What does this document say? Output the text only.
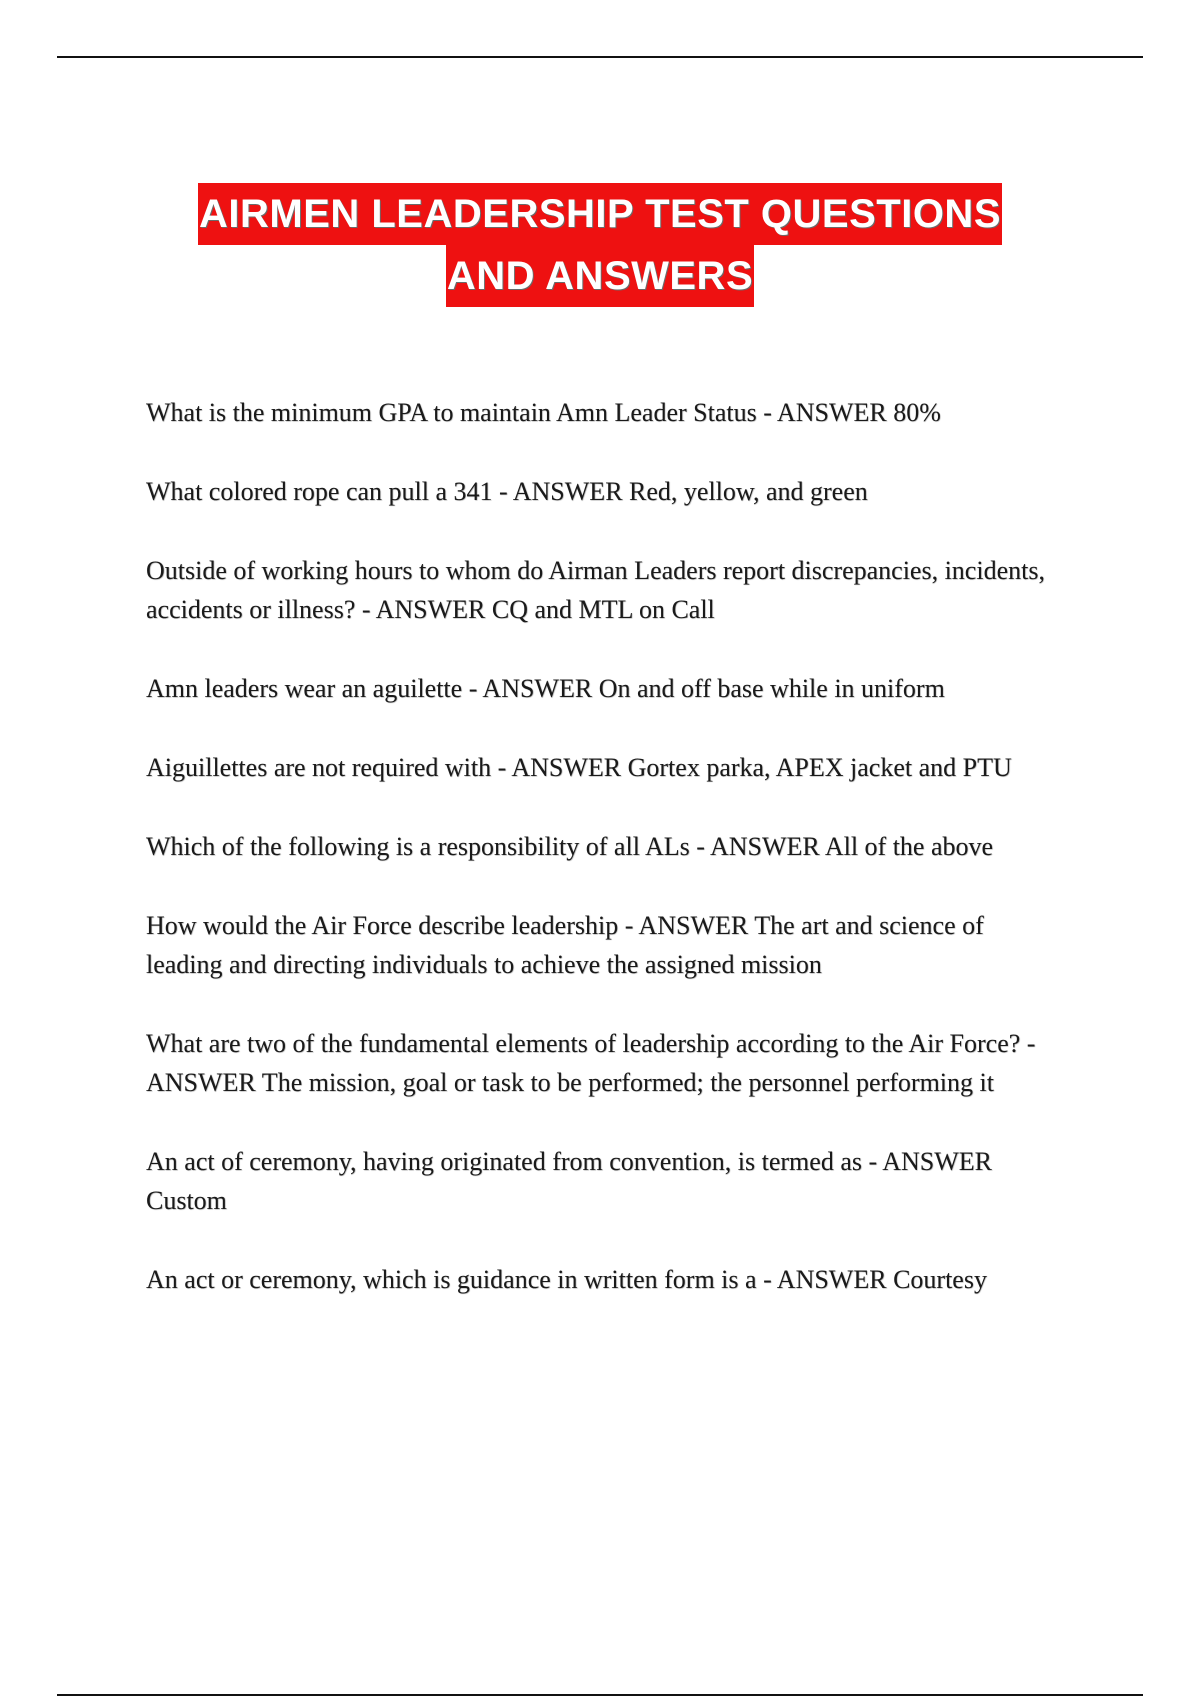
AIRMEN LEADERSHIP TEST QUESTIONS
AND ANSWERS

What is the minimum GPA to maintain Amn Leader Status - ANSWER 80%

What colored rope can pull a 341 - ANSWER Red, yellow, and green

Outside of working hours to whom do Airman Leaders report discrepancies, incidents, accidents or illness? - ANSWER CQ and MTL on Call

Amn leaders wear an aguilette - ANSWER On and off base while in uniform

Aiguillettes are not required with - ANSWER Gortex parka, APEX jacket and PTU

Which of the following is a responsibility of all ALs - ANSWER All of the above

How would the Air Force describe leadership - ANSWER The art and science of leading and directing individuals to achieve the assigned mission

What are two of the fundamental elements of leadership according to the Air Force? - ANSWER The mission, goal or task to be performed; the personnel performing it

An act of ceremony, having originated from convention, is termed as - ANSWER Custom

An act or ceremony, which is guidance in written form is a - ANSWER Courtesy
